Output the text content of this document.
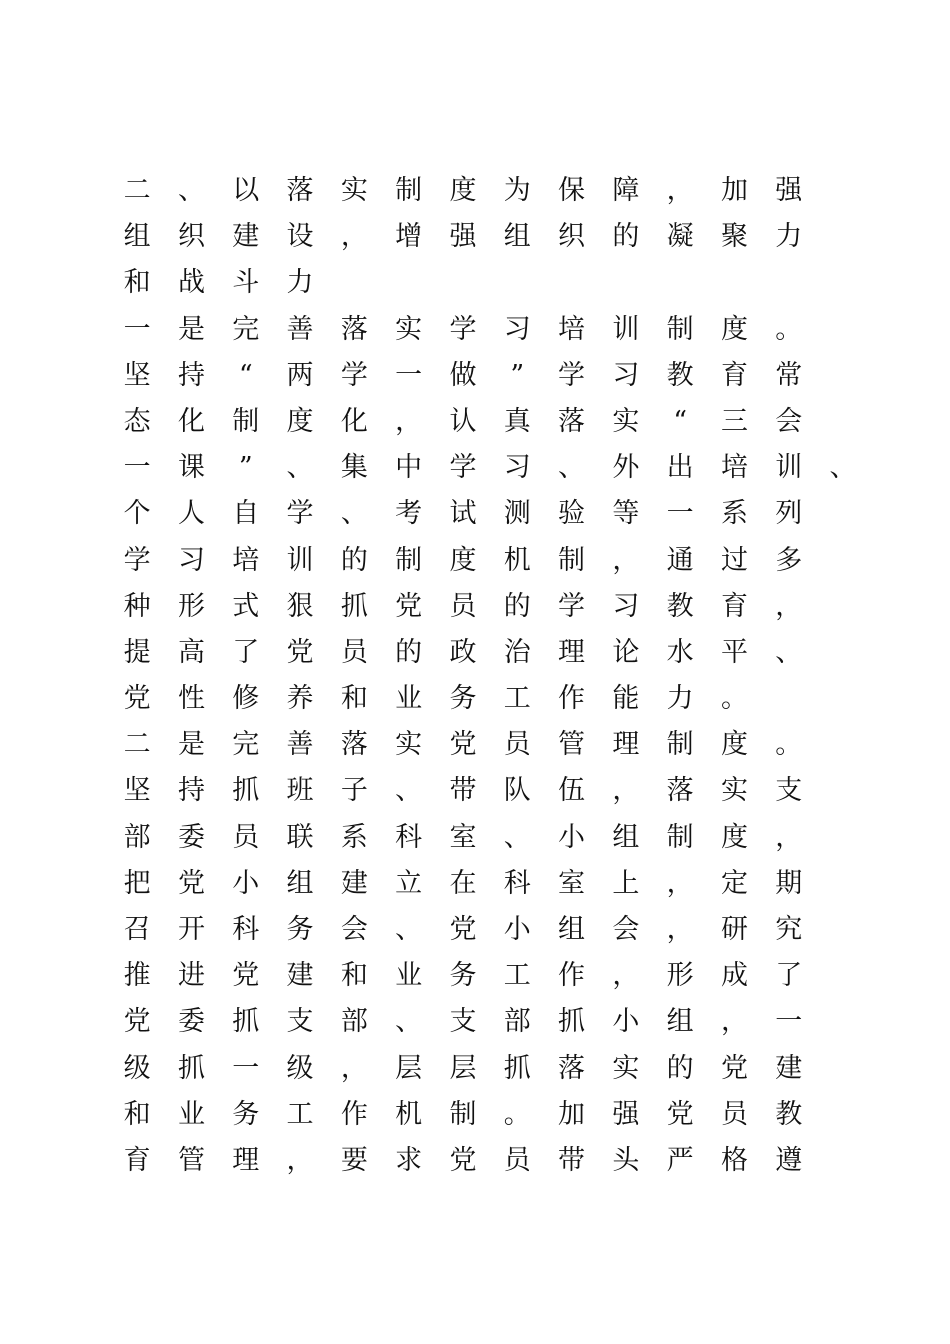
二	、	以	落	实	制	度	为	保	障	，	加	强
组	织	建	设	，	增	强	组	织	的	凝	聚	力
和	战	斗	力
一	是	完	善	落	实	学	习	培	训	制	度	。
坚	持	“	两	学	一	做	”	学	习	教	育	常
态	化	制	度	化	，	认	真	落	实	“	三	会
一	课	”	、	集	中	学	习	、	外	出	培	训	、
个	人	自	学	、	考	试	测	验	等	一	系	列
学	习	培	训	的	制	度	机	制	，	通	过	多
种	形	式	狠	抓	党	员	的	学	习	教	育	，
提	高	了	党	员	的	政	治	理	论	水	平	、
党	性	修	养	和	业	务	工	作	能	力	。
二	是	完	善	落	实	党	员	管	理	制	度	。
坚	持	抓	班	子	、	带	队	伍	，	落	实	支
部	委	员	联	系	科	室	、	小	组	制	度	，
把	党	小	组	建	立	在	科	室	上	，	定	期
召	开	科	务	会	、	党	小	组	会	，	研	究
推	进	党	建	和	业	务	工	作	，	形	成	了
党	委	抓	支	部	、	支	部	抓	小	组	，	一
级	抓	一	级	，	层	层	抓	落	实	的	党	建
和	业	务	工	作	机	制	。	加	强	党	员	教
育	管	理	，	要	求	党	员	带	头	严	格	遵
